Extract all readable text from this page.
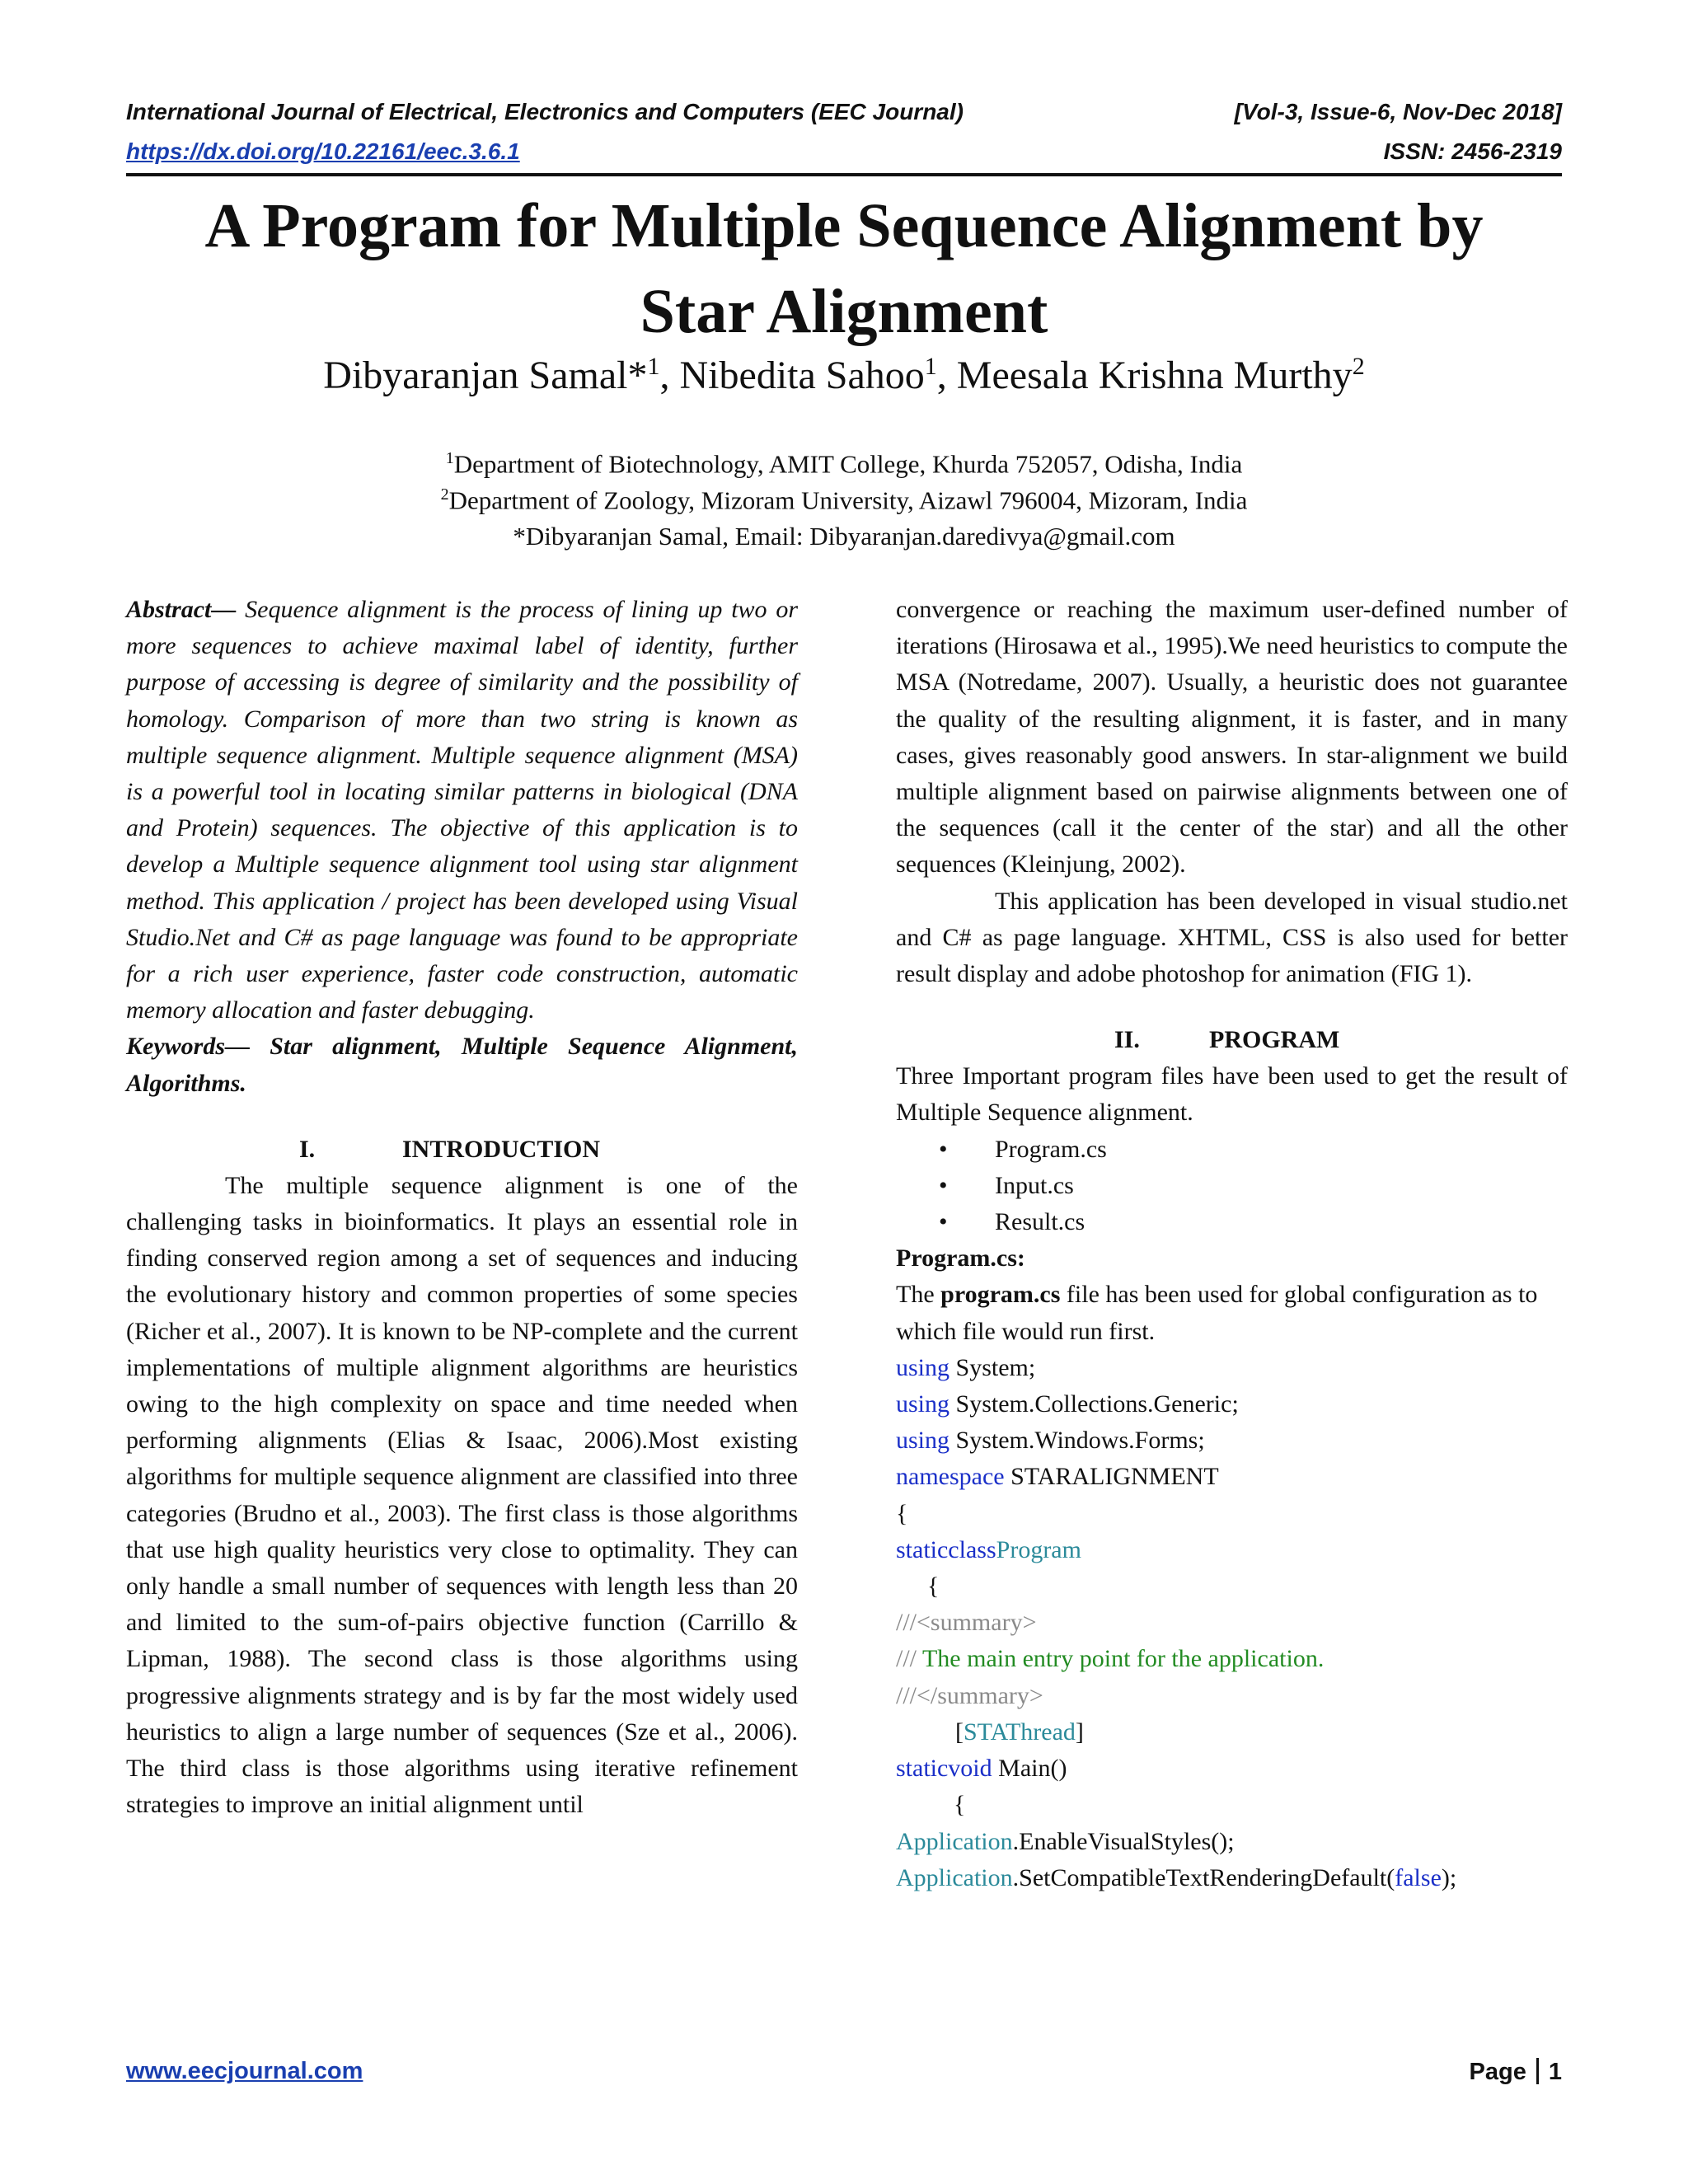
International Journal of Electrical, Electronics and Computers (EEC Journal)	[Vol-3, Issue-6, Nov-Dec 2018]
https://dx.doi.org/10.22161/eec.3.6.1	ISSN: 2456-2319
A Program for Multiple Sequence Alignment by
Star Alignment
Dibyaranjan Samal*$^1$, Nibedita Sahoo$^1$, Meesala Krishna Murthy$^2$
$^1$Department of Biotechnology, AMIT College, Khurda 752057, Odisha, India
$^2$Department of Zoology, Mizoram University, Aizawl 796004, Mizoram, India
*Dibyaranjan Samal, Email: Dibyaranjan.daredivya@gmail.com

Abstract— Sequence alignment is the process of lining up two or more sequences to achieve maximal label of identity, further purpose of accessing is degree of similarity and the possibility of homology. Comparison of more than two string is known as multiple sequence alignment. Multiple sequence alignment (MSA) is a powerful tool in locating similar patterns in biological (DNA and Protein) sequences. The objective of this application is to develop a Multiple sequence alignment tool using star alignment method. This application / project has been developed using Visual Studio.Net and C# as page language was found to be appropriate for a rich user experience, faster code construction, automatic memory allocation and faster debugging.

Keywords— Star alignment, Multiple Sequence Alignment, Algorithms.

I.	INTRODUCTION

The multiple sequence alignment is one of the challenging tasks in bioinformatics. It plays an essential role in finding conserved region among a set of sequences and inducing the evolutionary history and common properties of some species (Richer et al., 2007). It is known to be NP-complete and the current implementations of multiple alignment algorithms are heuristics owing to the high complexity on space and time needed when performing alignments (Elias & Isaac, 2006).Most existing algorithms for multiple sequence alignment are classified into three categories (Brudno et al., 2003). The first class is those algorithms that use high quality heuristics very close to optimality. They can only handle a small number of sequences with length less than 20 and limited to the sum-of-pairs objective function (Carrillo & Lipman, 1988). The second class is those algorithms using progressive alignments strategy and is by far the most widely used heuristics to align a large number of sequences (Sze et al., 2006). The third class is those algorithms using iterative refinement strategies to improve an initial alignment until

convergence or reaching the maximum user-defined number of iterations (Hirosawa et al., 1995).We need heuristics to compute the MSA (Notredame, 2007). Usually, a heuristic does not guarantee the quality of the resulting alignment, it is faster, and in many cases, gives reasonably good answers. In star-alignment we build multiple alignment based on pairwise alignments between one of the sequences (call it the center of the star) and all the other sequences (Kleinjung, 2002).

This application has been developed in visual studio.net and C# as page language. XHTML, CSS is also used for better result display and adobe photoshop for animation (FIG 1).

II.	PROGRAM

Three Important program files have been used to get the result of Multiple Sequence alignment.

• Program.cs
• Input.cs
• Result.cs

Program.cs:

The program.cs file has been used for global configuration as to which file would run first.

using System;
using System.Collections.Generic;
using System.Windows.Forms;
namespace STARALIGNMENT
{
staticclassProgram
{
///<summary>
/// The main entry point for the application.
///</summary>
[STAThread]
staticvoid Main()
{
Application.EnableVisualStyles();
Application.SetCompatibleTextRenderingDefault(false);
www.eecjournal.com	Page 1
